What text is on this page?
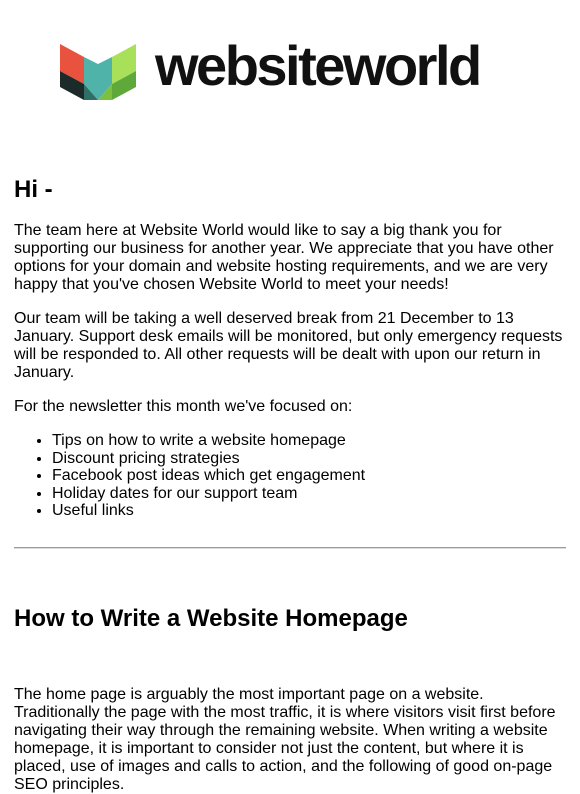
websiteworld
Hi -

The team here at Website World would like to say a big thank you for supporting our business for another year. We appreciate that you have other options for your domain and website hosting requirements, and we are very happy that you've chosen Website World to meet your needs!

Our team will be taking a well deserved break from 21 December to 13 January. Support desk emails will be monitored, but only emergency requests will be responded to. All other requests will be dealt with upon our return in January.

For the newsletter this month we've focused on:

• Tips on how to write a website homepage
• Discount pricing strategies
• Facebook post ideas which get engagement
• Holiday dates for our support team
• Useful links
How to Write a Website Homepage

The home page is arguably the most important page on a website. Traditionally the page with the most traffic, it is where visitors visit first before navigating their way through the remaining website. When writing a website homepage, it is important to consider not just the content, but where it is placed, use of images and calls to action, and the following of good on-page SEO principles.
